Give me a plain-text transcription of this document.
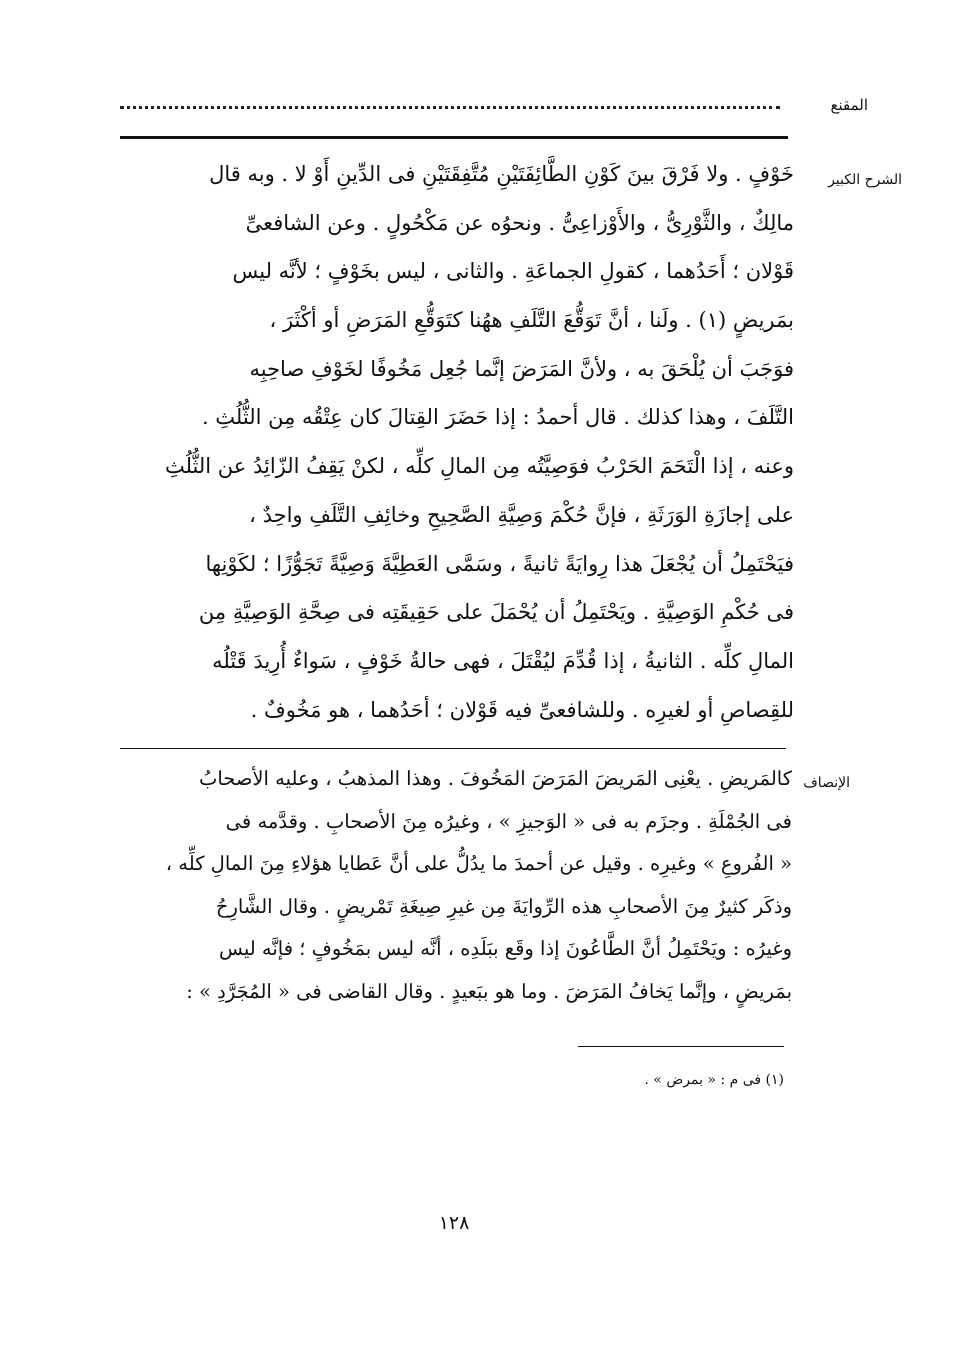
المقنع
الشرح الكبير

خَوْفٍ . ولا فَرْقَ بينَ كَوْنِ الطَّائِفَتَيْنِ مُتَّفِقَتَيْنِ فى الدِّينِ أَوْ لا . وبه قال

مالِكٌ ، والثَّوْرِىُّ ، والأَوْزاعِىُّ . ونحوُه عن مَكْحُولٍ . وعن الشافعىِّ

قَوْلان ؛ أَحَدُهما ، كقولِ الجماعَةِ . والثانى ، ليس بخَوْفٍ ؛ لأنَّه ليس

بمَريضٍ (١) . ولَنا ، أنَّ تَوَقُّعَ التَّلَفِ ههُنا كتَوَقُّعِ المَرَضِ أو أكْثَرَ ،

فوَجَبَ أن يُلْحَقَ به ، ولأنَّ المَرَضَ إنَّما جُعِل مَخُوفًا لخَوْفِ صاحِبِه

التَّلَفَ ، وهذا كذلك . قال أحمدُ : إذا حَضَرَ القِتالَ كان عِتْقُه مِن الثُّلُثِ .

وعنه ، إذا الْتَحَمَ الحَرْبُ فوَصِيَّتُه مِن المالِ كلِّه ، لكنْ يَقِفُ الزّائِدُ عن الثُّلُثِ

على إجازَةِ الوَرَثَةِ ، فإنَّ حُكْمَ وَصِيَّةِ الصَّحِيحِ وخائِفِ التَّلَفِ واحِدٌ ،

فيَحْتَمِلُ أن يُجْعَلَ هذا رِوايَةً ثانيةً ، وسَمَّى العَطِيَّةَ وَصِيَّةً تَجَوُّزًا ؛ لكَوْنِها

فى حُكْمِ الوَصِيَّةِ . ويَحْتَمِلُ أن يُحْمَلَ على حَقِيقَتِه فى صِحَّةِ الوَصِيَّةِ مِن

المالِ كلِّه . الثانيةُ ، إذا قُدِّمَ ليُقْتَلَ ، فهى حالةُ خَوْفٍ ، سَواءٌ أُرِيدَ قَتْلُه

للقِصاصِ أو لغيرِه . وللشافعىِّ فيه قَوْلان ؛ أحَدُهما ، هو مَخُوفٌ .

الإنصاف

كالمَريضِ . يعْنِى المَريضَ المَرَضَ المَخُوفَ . وهذا المذهبُ ، وعليه الأصحابُ

فى الجُمْلَةِ . وجزَم به فى « الوَجيزِ » ، وغيرُه مِنَ الأصحابِ . وقدَّمه فى

« الفُروعِ » وغيرِه . وقيل عن أحمدَ ما يدُلُّ على أنَّ عَطايا هؤلاءِ مِنَ المالِ كلِّه ،

وذكَر كثيرٌ مِنَ الأصحابِ هذه الرِّوايَةَ مِن غيرِ صِيغَةِ تَمْريضٍ . وقال الشَّارِحُ

وغيرُه : ويَحْتَمِلُ أنَّ الطَّاعُونَ إذا وقَع ببَلَدِه ، أنَّه ليس بمَخُوفٍ ؛ فإنَّه ليس

بمَريضٍ ، وإنَّما يَخافُ المَرَضَ . وما هو ببَعيدٍ . وقال القاضى فى « المُجَرَّدِ » :

(١) فى م : « بمرض » .
١٢٨
